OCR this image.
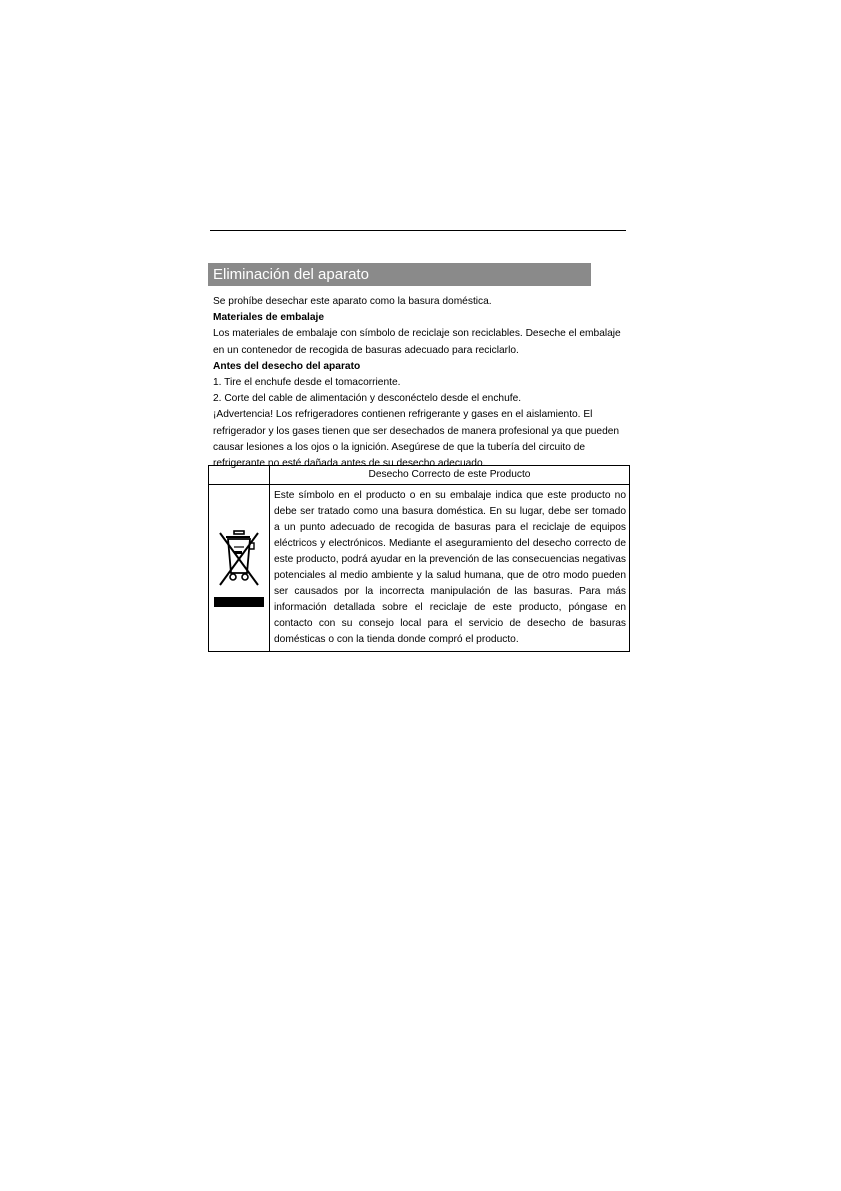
Eliminación del aparato

Se prohíbe desechar este aparato como la basura doméstica.

Materiales de embalaje

Los materiales de embalaje con símbolo de reciclaje son reciclables. Deseche el embalaje en un contenedor de recogida de basuras adecuado para reciclarlo.

Antes del desecho del aparato

1. Tire el enchufe desde el tomacorriente.

2. Corte del cable de alimentación y desconéctelo desde el enchufe.

¡Advertencia! Los refrigeradores contienen refrigerante y gases en el aislamiento. El refrigerador y los gases tienen que ser desechados de manera profesional ya que pueden causar lesiones a los ojos o la ignición. Asegúrese de que la tubería del circuito de refrigerante no esté dañada antes de su desecho adecuado.

	Desecho Correcto de este Producto

	Este símbolo en el producto o en su embalaje indica que este producto no debe ser tratado como una basura doméstica. En su lugar, debe ser tomado a un punto adecuado de recogida de basuras para el reciclaje de equipos eléctricos y electrónicos. Mediante el aseguramiento del desecho correcto de este producto, podrá ayudar en la prevención de las consecuencias negativas potenciales al medio ambiente y la salud humana, que de otro modo pueden ser causados por la incorrecta manipulación de las basuras. Para más información detallada sobre el reciclaje de este producto, póngase en contacto con su consejo local para el servicio de desecho de basuras domésticas o con la tienda donde compró el producto.
